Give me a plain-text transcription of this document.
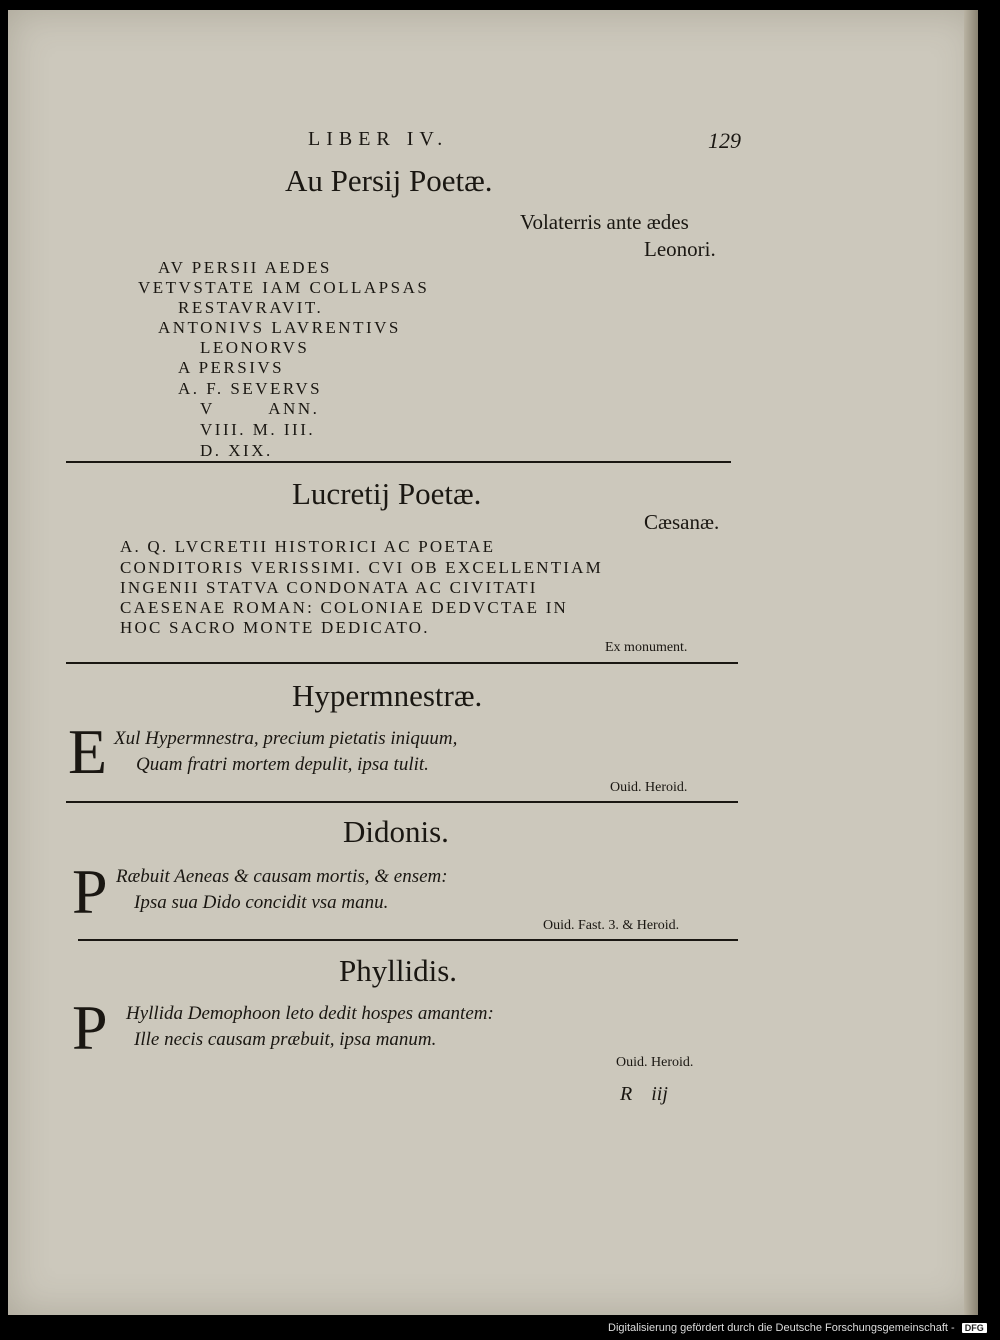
LIBER IV.	129
Au Persij Poetæ.
Volaterris ante ædes
Leonori.
AV PERSII AEDES
VETVSTATE IAM COLLAPSAS
RESTAVRAVIT.
ANTONIVS LAVRENTIVS
LEONORVS
A PERSIVS
A. F. SEVERVS
V ANN.
VIII. M. III.
D. XIX.
Lucretij Poetæ.
Cæsanæ.
A. Q. LVCRETII HISTORICI AC POETAE
CONDITORIS VERISSIMI. CVI OB EXCELLENTIAM
INGENII STATVA CONDONATA AC CIVITATI
CAESENAE ROMAN: COLONIAE DEDVCTAE IN
HOC SACRO MONTE DEDICATO.
Ex monument.
Hypermnestræ.
E Xul Hypermnestra, precium pietatis iniquum,
Quam fratri mortem depulit, ipsa tulit.
Ouid. Heroid.
Didonis.
P Ræbuit Aeneas & causam mortis, & ensem:
Ipsa sua Dido concidit vsa manu.
Ouid. Fast. 3. & Heroid.
Phyllidis.
P Hyllida Demophoon leto dedit hospes amantem:
Ille necis causam præbuit, ipsa manum.
Ouid. Heroid.
R iij
Digitalisierung gefördert durch die Deutsche Forschungsgemeinschaft - DFG
